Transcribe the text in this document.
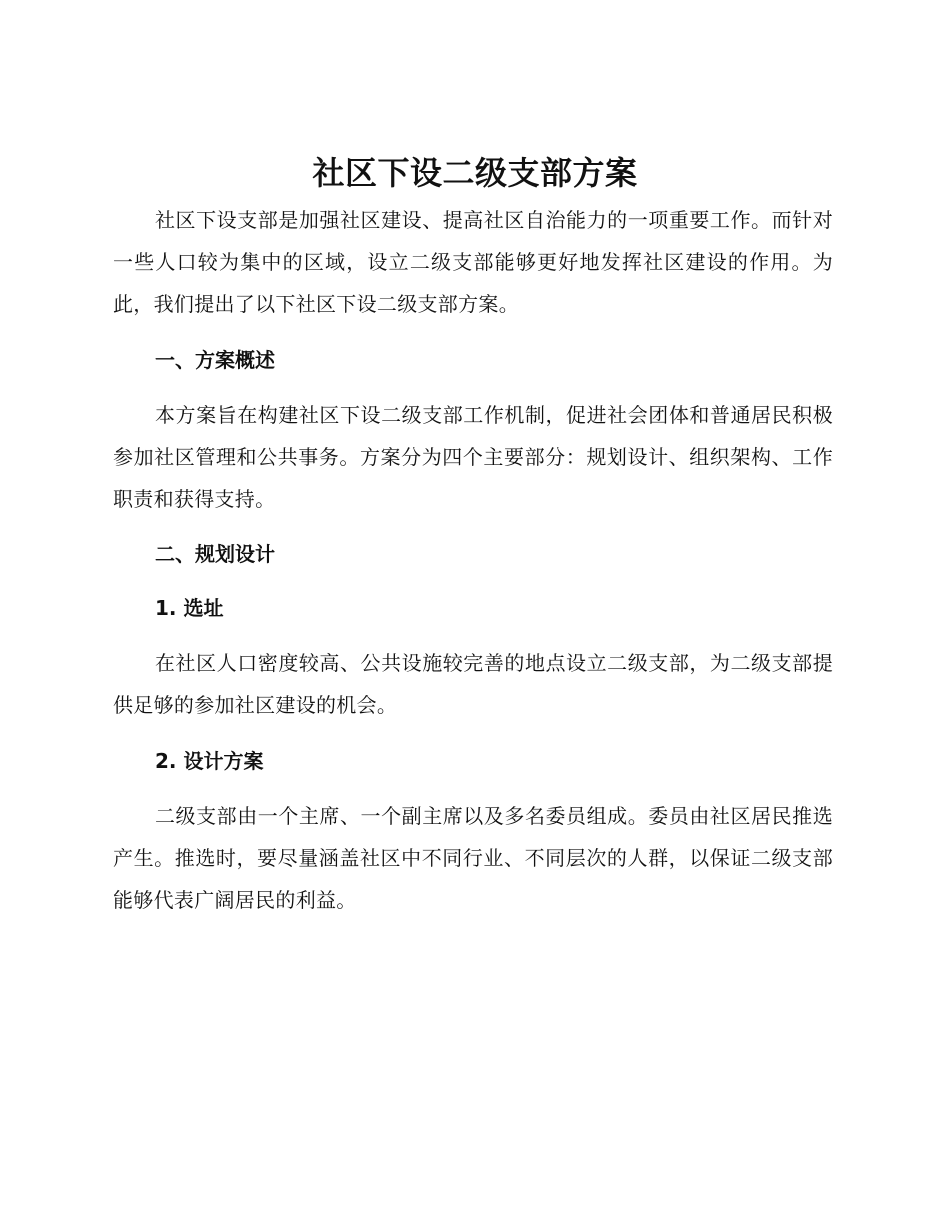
社区下设二级支部方案

社区下设支部是加强社区建设、提高社区自治能力的一项重要工作。而针对一些人口较为集中的区域，设立二级支部能够更好地发挥社区建设的作用。为此，我们提出了以下社区下设二级支部方案。

一、方案概述

本方案旨在构建社区下设二级支部工作机制，促进社会团体和普通居民积极参加社区管理和公共事务。方案分为四个主要部分：规划设计、组织架构、工作职责和获得支持。

二、规划设计
1. 选址

在社区人口密度较高、公共设施较完善的地点设立二级支部，为二级支部提供足够的参加社区建设的机会。

2. 设计方案

二级支部由一个主席、一个副主席以及多名委员组成。委员由社区居民推选产生。推选时，要尽量涵盖社区中不同行业、不同层次的人群，以保证二级支部能够代表广阔居民的利益。
